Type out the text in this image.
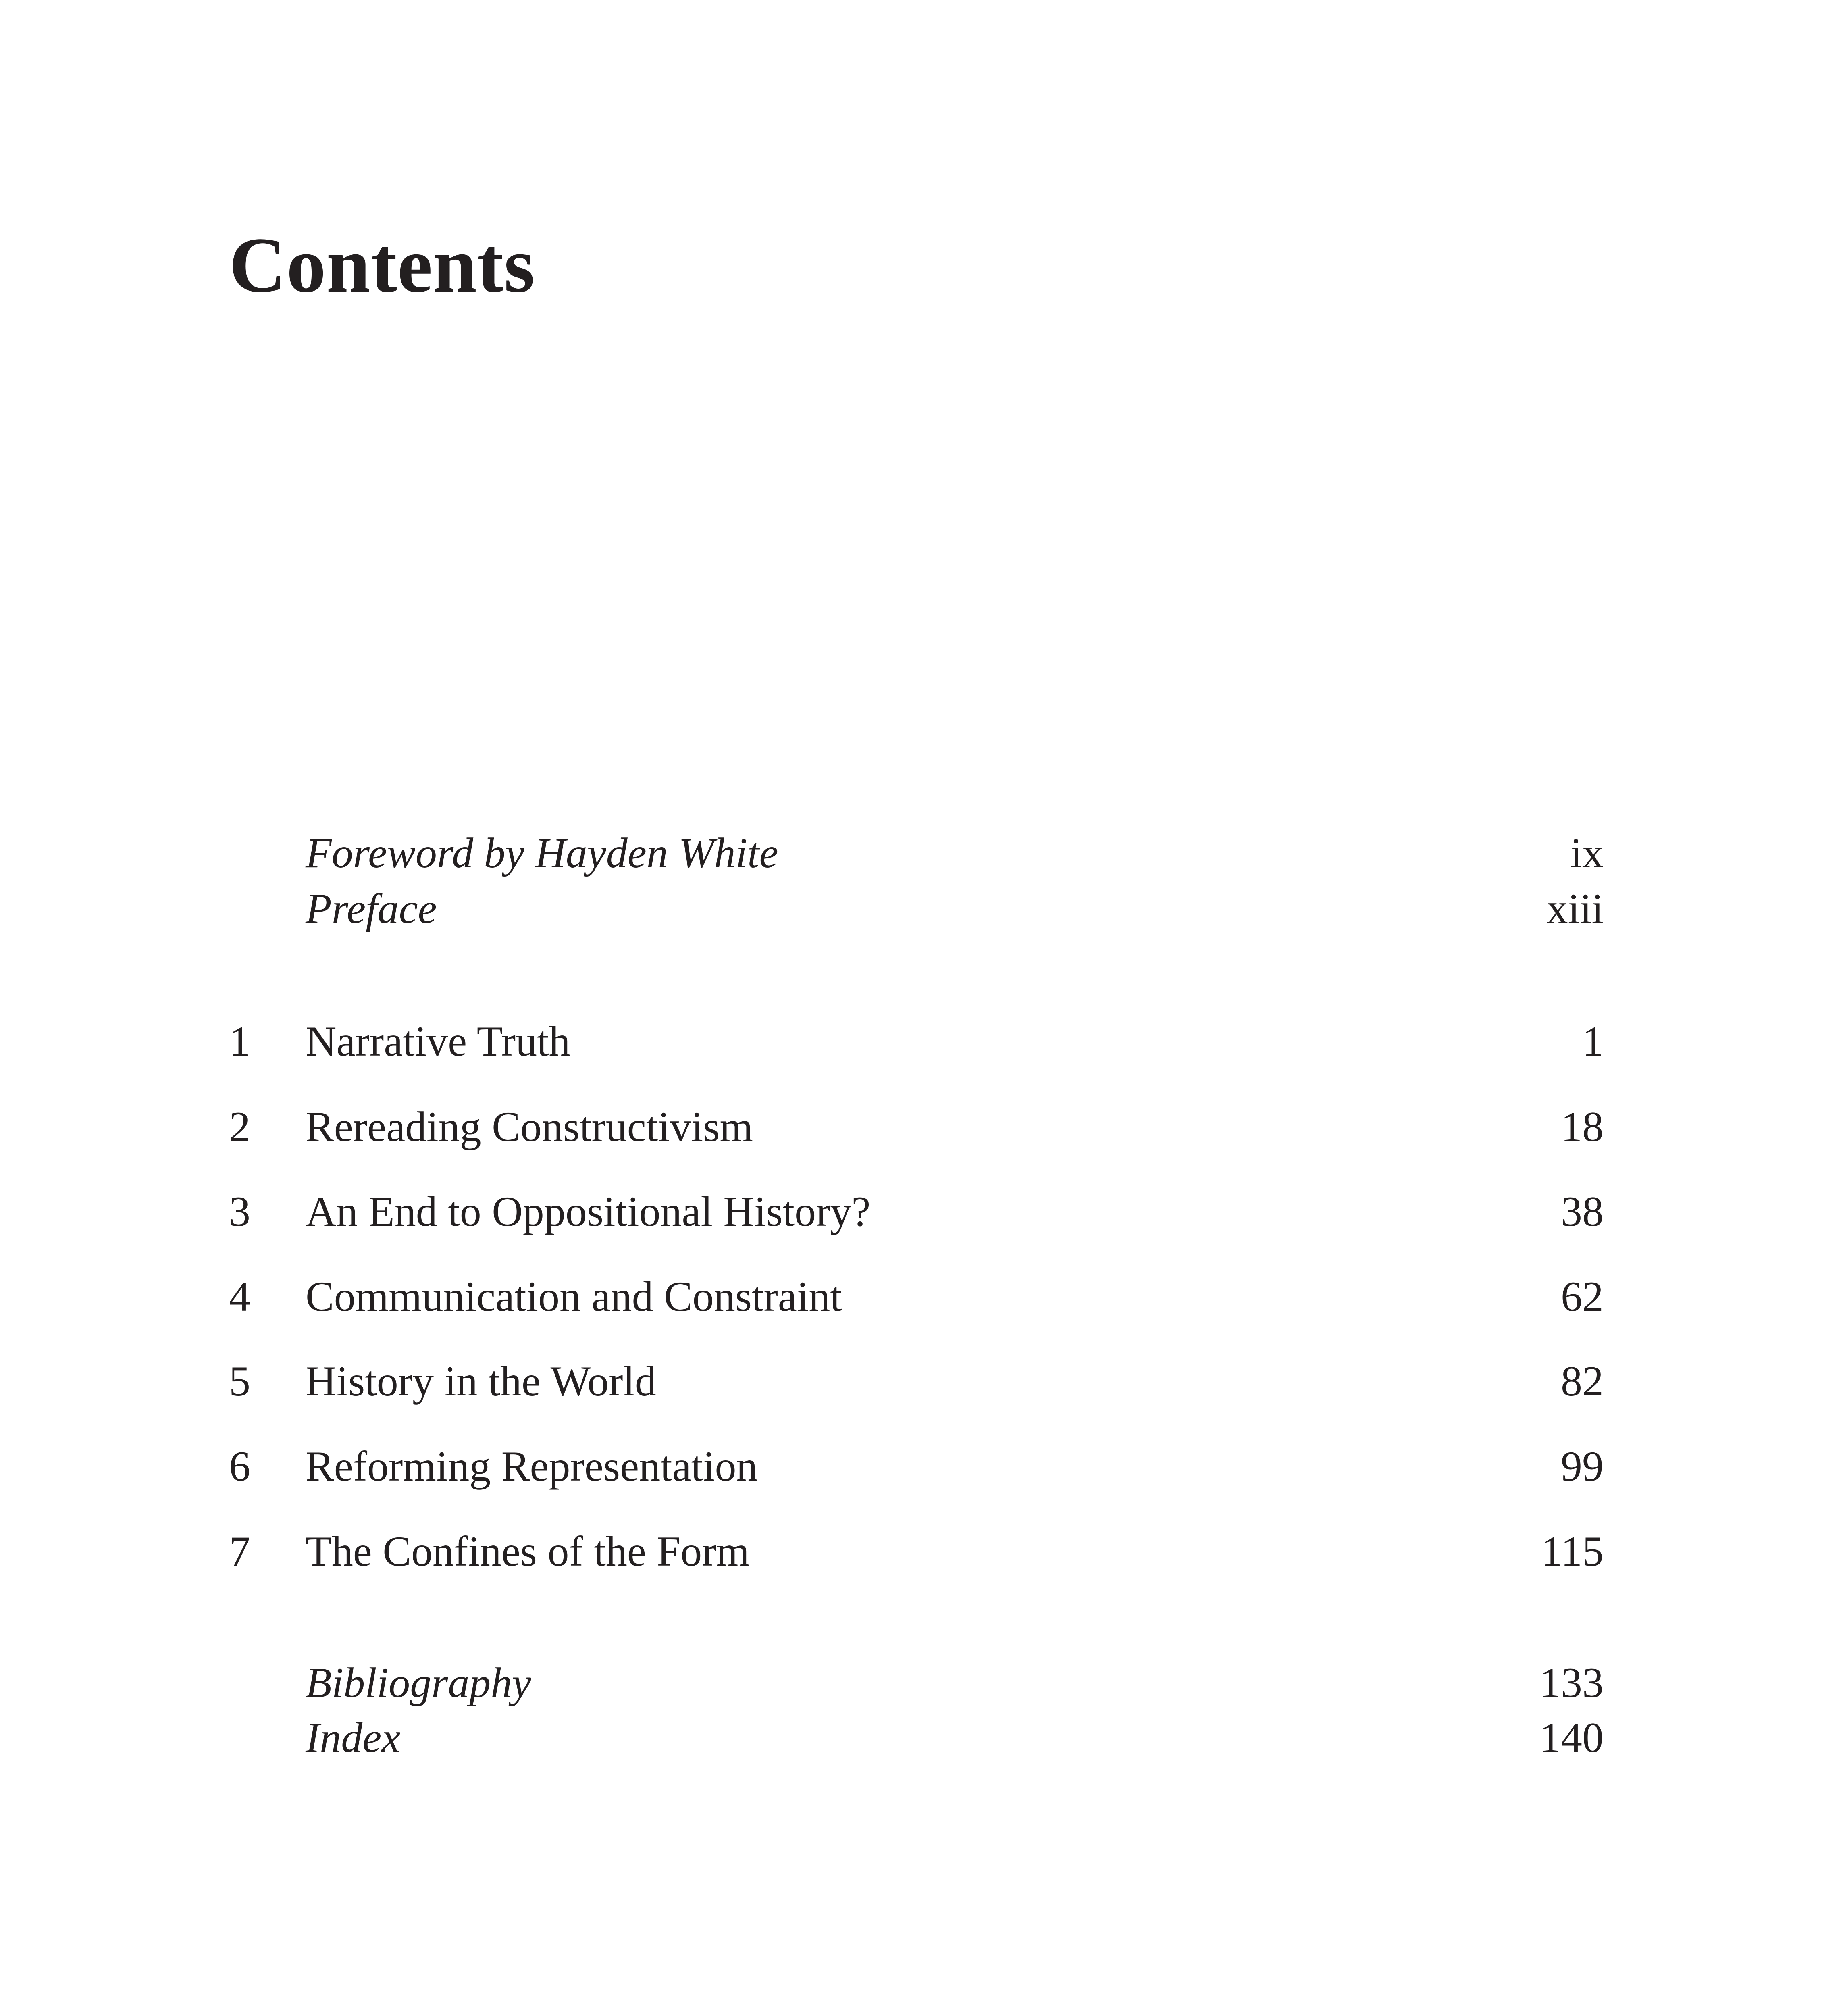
Contents
Foreword by Hayden White	ix
Preface	xiii
1 Narrative Truth	1
2 Rereading Constructivism	18
3 An End to Oppositional History?	38
4 Communication and Constraint	62
5 History in the World	82
6 Reforming Representation	99
7 The Confines of the Form	115
Bibliography	133
Index	140
